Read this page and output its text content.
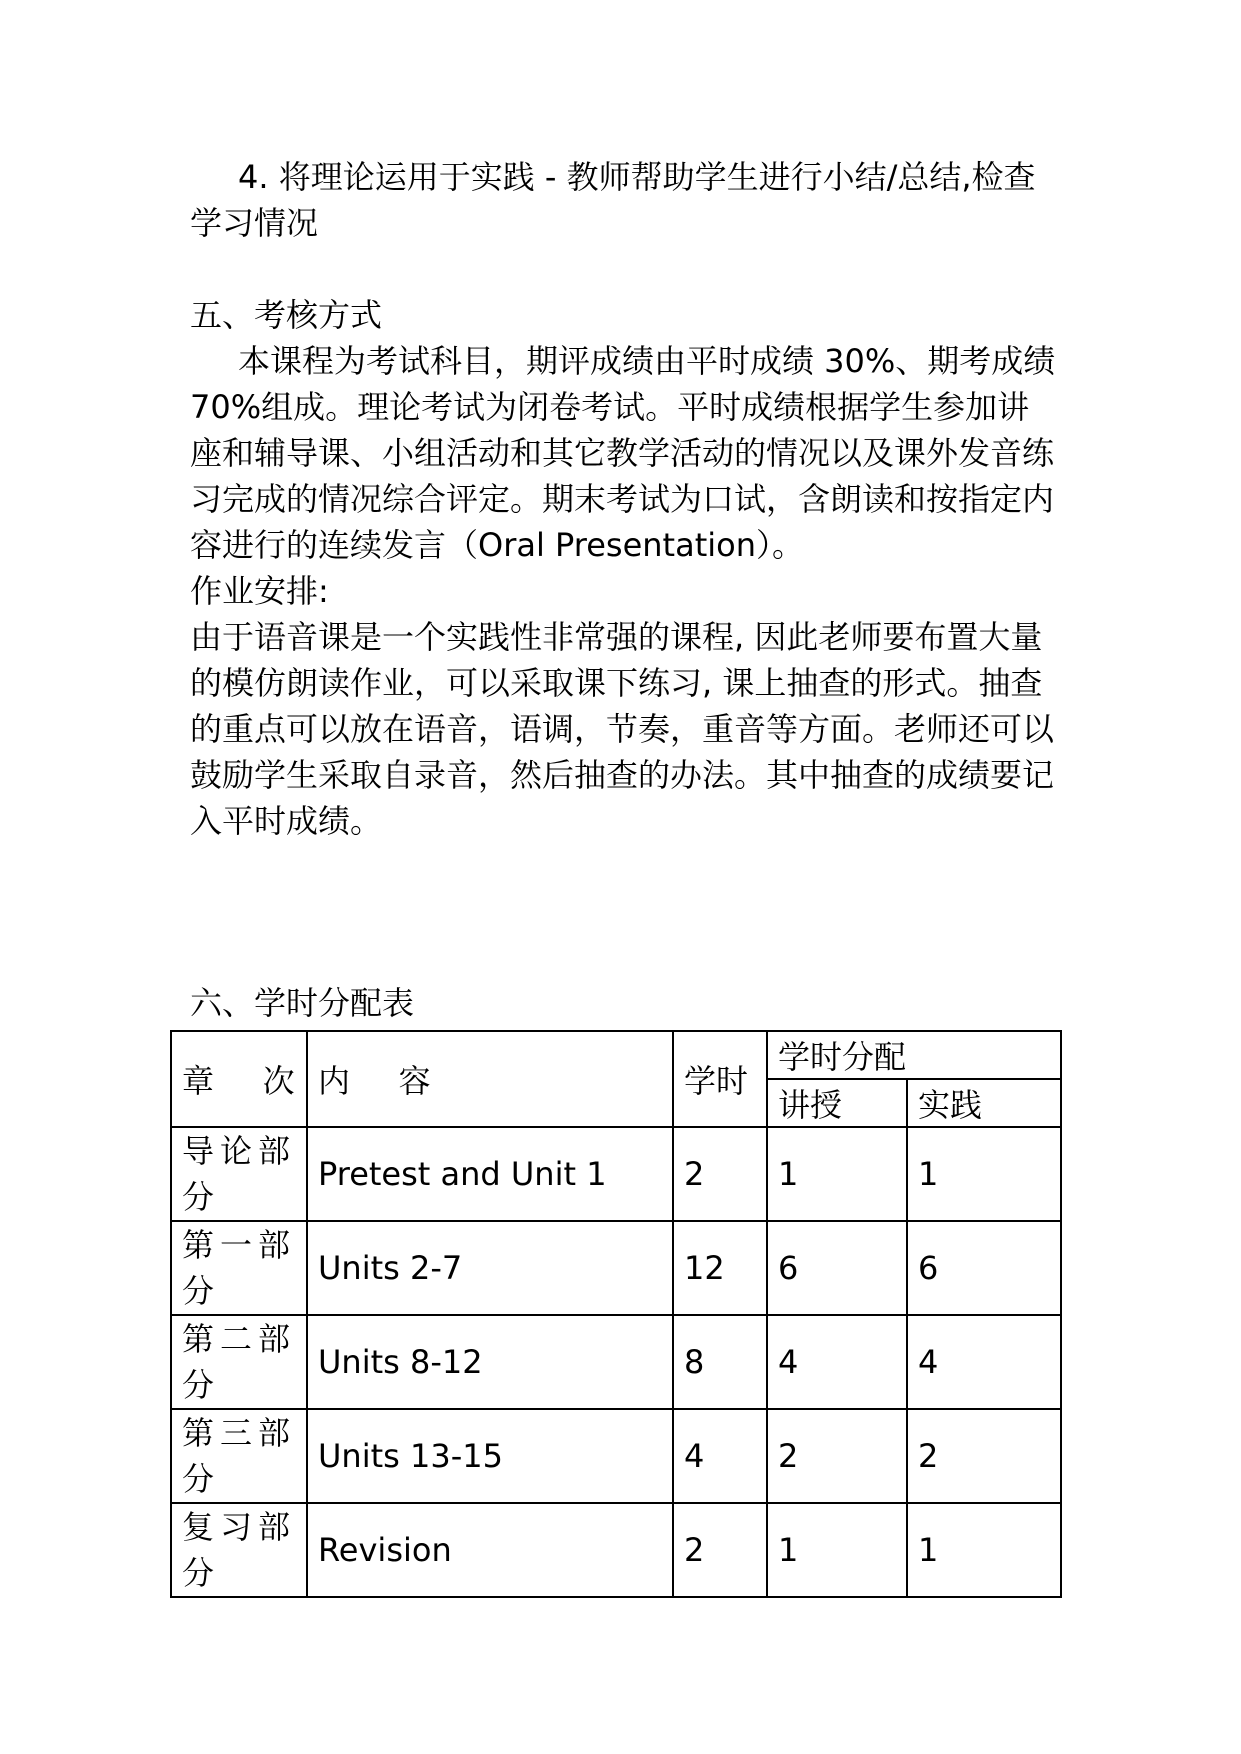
4. 将理论运用于实践 - 教师帮助学生进行小结/总结,检查学习情况

五、考核方式

本课程为考试科目，期评成绩由平时成绩 30%、期考成绩 70%组成。理论考试为闭卷考试。平时成绩根据学生参加讲座和辅导课、小组活动和其它教学活动的情况以及课外发音练习完成的情况综合评定。期末考试为口试，含朗读和按指定内容进行的连续发言（Oral Presentation）。

作业安排:

由于语音课是一个实践性非常强的课程, 因此老师要布置大量的模仿朗读作业，可以采取课下练习, 课上抽查的形式。抽查的重点可以放在语音，语调，节奏，重音等方面。老师还可以鼓励学生采取自录音，然后抽查的办法。其中抽查的成绩要记入平时成绩。

六、学时分配表

章 次	内 容	学时	学时分配	
			讲授	实践
导论部分	Pretest and Unit 1	2	1	1
第一部分	Units 2-7	12	6	6
第二部分	Units 8-12	8	4	4
第三部分	Units 13-15	4	2	2
复习部分	Revision	2	1	1
